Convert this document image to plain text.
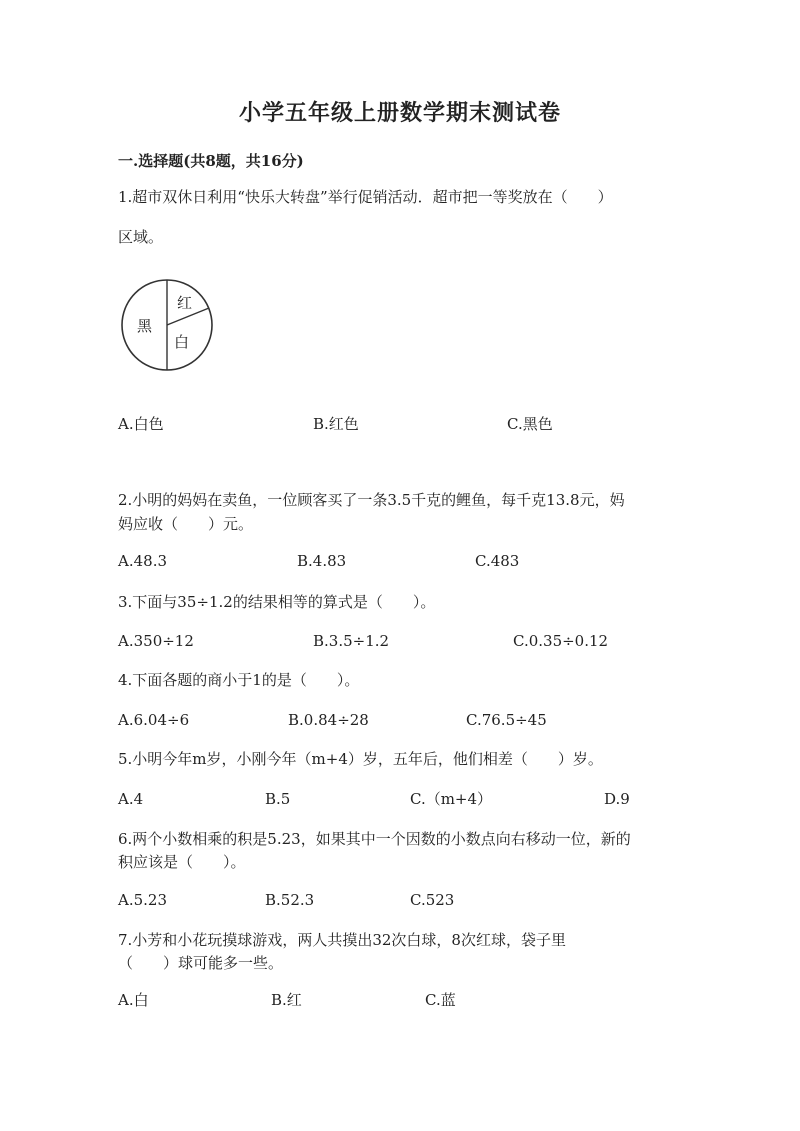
小学五年级上册数学期末测试卷
一.选择题(共8题，共16分)
1.超市双休日利用“快乐大转盘”举行促销活动．超市把一等奖放在（　　）
区域。
红
黑
白
A.白色	B.红色	C.黑色
2.小明的妈妈在卖鱼，一位顾客买了一条3.5千克的鲤鱼，每千克13.8元，妈
妈应收（　　）元。
A.48.3	B.4.83	C.483
3.下面与35÷1.2的结果相等的算式是（　　）。
A.350÷12	B.3.5÷1.2	C.0.35÷0.12
4.下面各题的商小于1的是（　　）。
A.6.04÷6	B.0.84÷28	C.76.5÷45
5.小明今年m岁，小刚今年（m+4）岁，五年后，他们相差（　　）岁。
A.4	B.5	C.（m+4）	D.9
6.两个小数相乘的积是5.23，如果其中一个因数的小数点向右移动一位，新的
积应该是（　　）。
A.5.23	B.52.3	C.523
7.小芳和小花玩摸球游戏，两人共摸出32次白球，8次红球，袋子里
（　　）球可能多一些。
A.白	B.红	C.蓝
